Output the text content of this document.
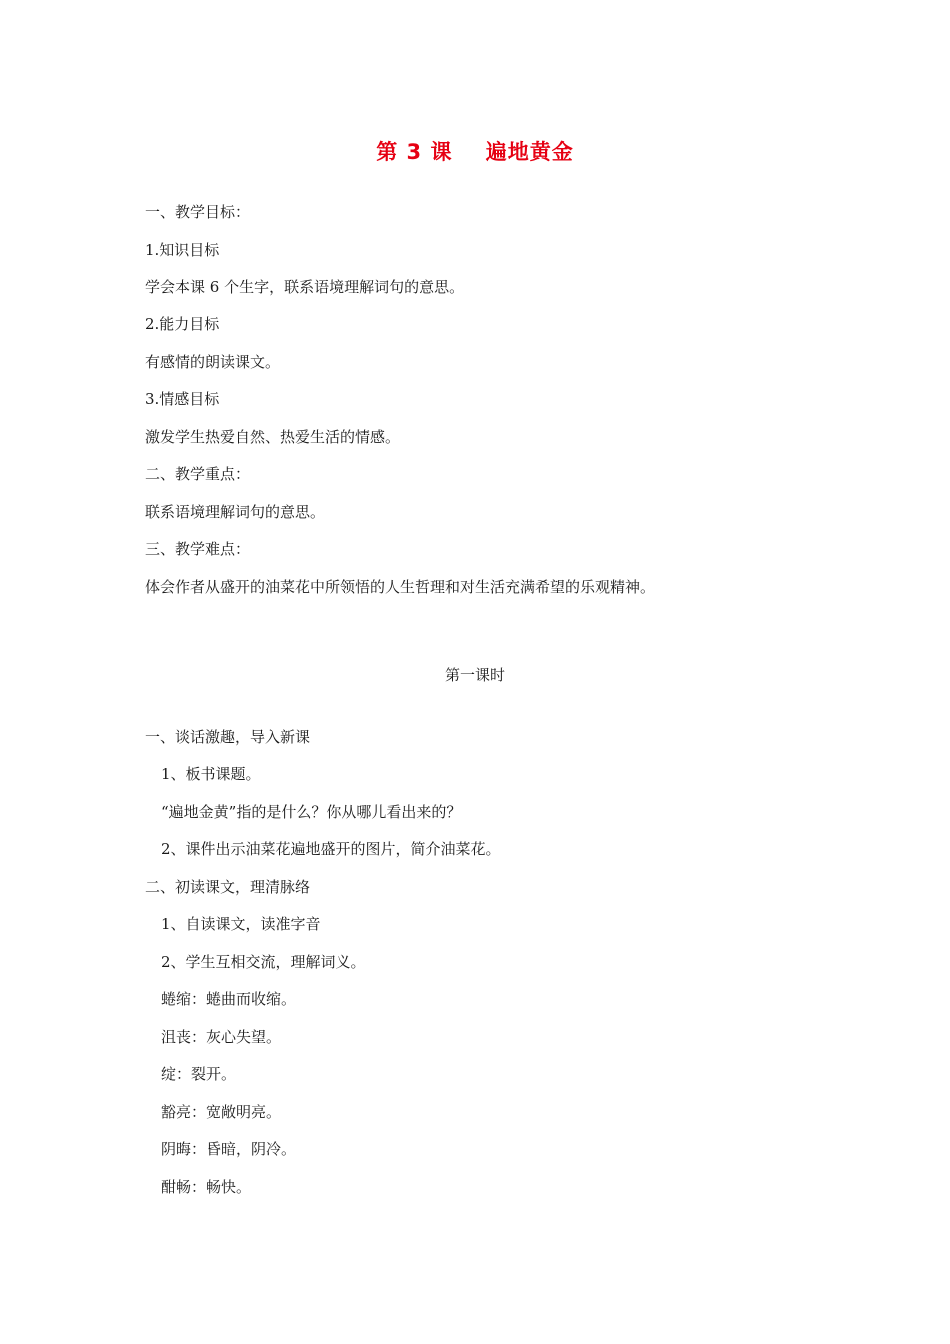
第 3 课    遍地黄金
一、教学目标：
1.知识目标
学会本课 6 个生字，联系语境理解词句的意思。
2.能力目标
有感情的朗读课文。
3.情感目标
激发学生热爱自然、热爱生活的情感。
二、教学重点：
联系语境理解词句的意思。
三、教学难点：
体会作者从盛开的油菜花中所领悟的人生哲理和对生活充满希望的乐观精神。
第一课时
一、谈话激趣，导入新课
1、板书课题。
“遍地金黄”指的是什么？你从哪儿看出来的？
2、课件出示油菜花遍地盛开的图片，简介油菜花。
二、初读课文，理清脉络
1、自读课文，读准字音
2、学生互相交流，理解词义。
蜷缩：蜷曲而收缩。
沮丧：灰心失望。
绽：裂开。
豁亮：宽敞明亮。
阴晦：昏暗，阴冷。
酣畅：畅快。
